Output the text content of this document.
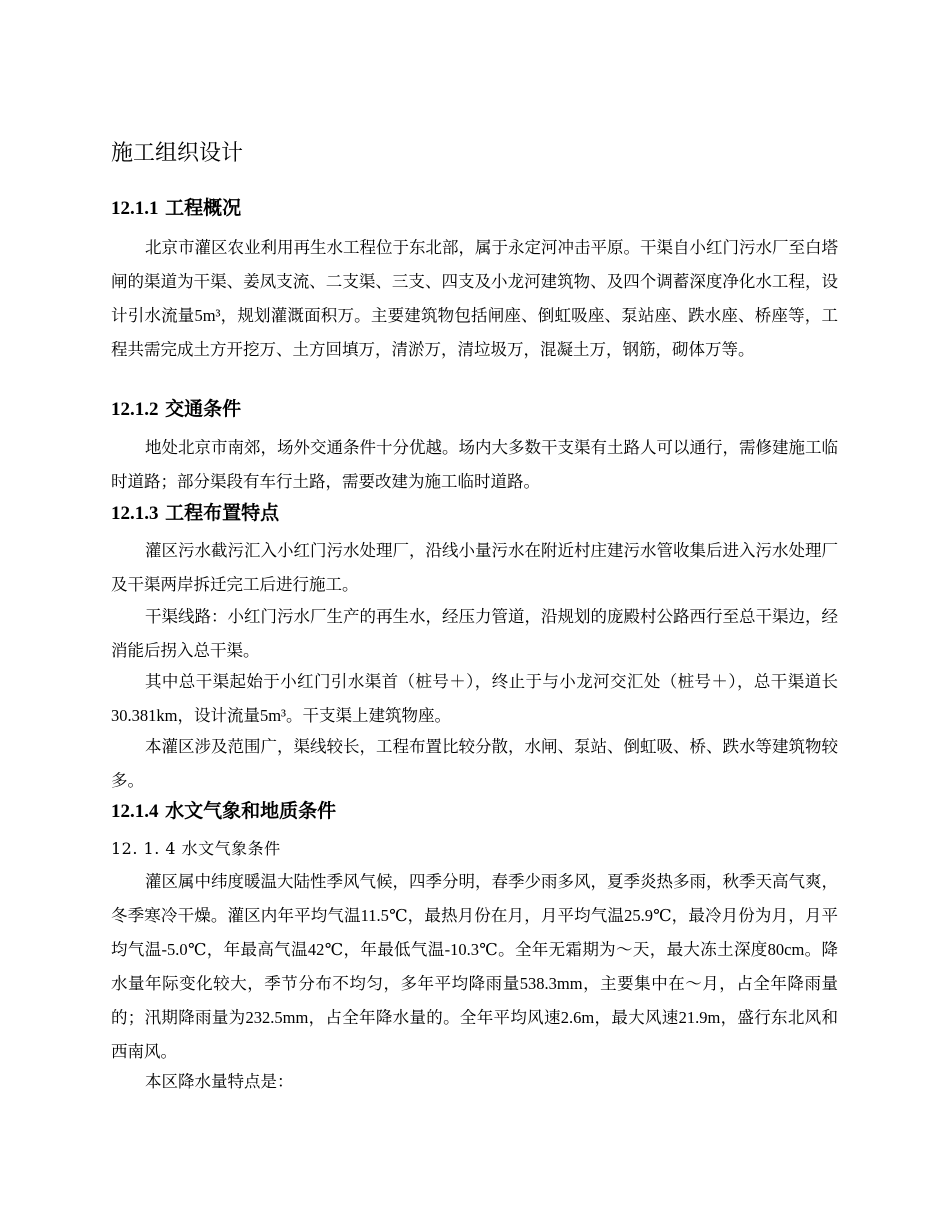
施工组织设计
12.1.1 工程概况

北京市灌区农业利用再生水工程位于东北部，属于永定河冲击平原。干渠自小红门污水厂至白塔闸的渠道为干渠、姜凤支流、二支渠、三支、四支及小龙河建筑物、及四个调蓄深度净化水工程，设计引水流量5m³，规划灌溉面积万。主要建筑物包括闸座、倒虹吸座、泵站座、跌水座、桥座等，工程共需完成土方开挖万、土方回填万，清淤万，清垃圾万，混凝土万，钢筋，砌体万等。

12.1.2 交通条件

地处北京市南郊，场外交通条件十分优越。场内大多数干支渠有土路人可以通行，需修建施工临时道路；部分渠段有车行土路，需要改建为施工临时道路。

12.1.3 工程布置特点

灌区污水截污汇入小红门污水处理厂，沿线小量污水在附近村庄建污水管收集后进入污水处理厂及干渠两岸拆迁完工后进行施工。

干渠线路：小红门污水厂生产的再生水，经压力管道，沿规划的庞殿村公路西行至总干渠边，经消能后拐入总干渠。

其中总干渠起始于小红门引水渠首（桩号＋），终止于与小龙河交汇处（桩号＋），总干渠道长30.381km，设计流量5m³。干支渠上建筑物座。

本灌区涉及范围广，渠线较长，工程布置比较分散，水闸、泵站、倒虹吸、桥、跌水等建筑物较多。

12.1.4 水文气象和地质条件

12. 1. 4 水文气象条件

灌区属中纬度暖温大陆性季风气候，四季分明，春季少雨多风，夏季炎热多雨，秋季天高气爽，冬季寒冷干燥。灌区内年平均气温11.5℃，最热月份在月，月平均气温25.9℃，最冷月份为月，月平均气温-5.0℃，年最高气温42℃，年最低气温-10.3℃。全年无霜期为～天，最大冻土深度80cm。降水量年际变化较大，季节分布不均匀，多年平均降雨量538.3mm，主要集中在～月，占全年降雨量的；汛期降雨量为232.5mm，占全年降水量的。全年平均风速2.6m，最大风速21.9m，盛行东北风和西南风。

本区降水量特点是：
